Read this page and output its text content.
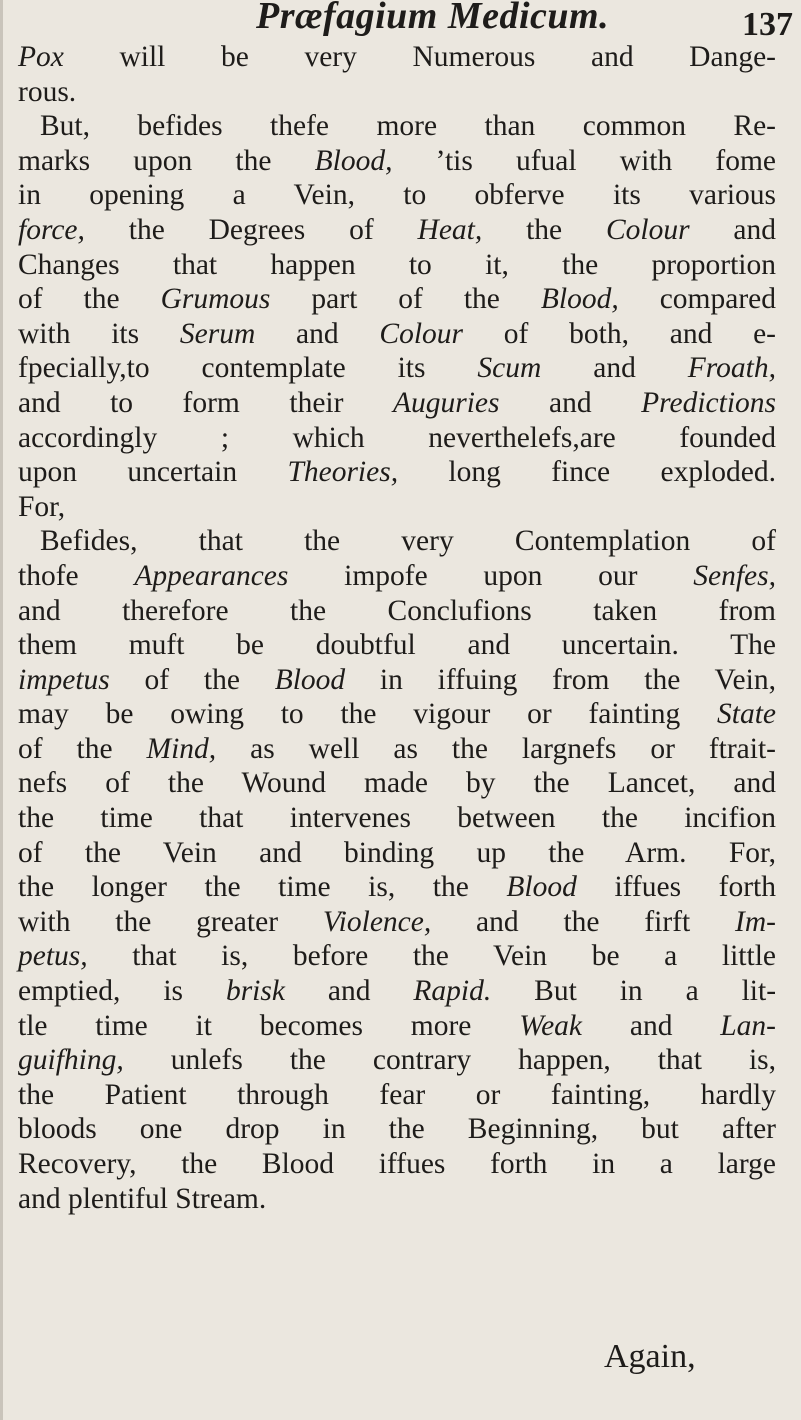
Præfagium Medicum.	137
Pox will be very Numerous and Dange-
rous.
But, befides thefe more than common Re-
marks upon the Blood, ’tis ufual with fome
in opening a Vein, to obferve its various
force, the Degrees of Heat, the Colour and
Changes that happen to it, the proportion
of the Grumous part of the Blood, compared
with its Serum and Colour of both, and e-
fpecially,to contemplate its Scum and Froath,
and to form their Auguries and Predictions
accordingly ; which neverthelefs,are founded
upon uncertain Theories, long fince exploded.
For,
Befides, that the very Contemplation of
thofe Appearances impofe upon our Senfes,
and therefore the Conclufions taken from
them muft be doubtful and uncertain. The
impetus of the Blood in iffuing from the Vein,
may be owing to the vigour or fainting State
of the Mind, as well as the largnefs or ftrait-
nefs of the Wound made by the Lancet, and
the time that intervenes between the incifion
of the Vein and binding up the Arm. For,
the longer the time is, the Blood iffues forth
with the greater Violence, and the firft Im-
petus, that is, before the Vein be a little
emptied, is brisk and Rapid. But in a lit-
tle time it becomes more Weak and Lan-
guifhing, unlefs the contrary happen, that is,
the Patient through fear or fainting, hardly
bloods one drop in the Beginning, but after
Recovery, the Blood iffues forth in a large
and plentiful Stream.
Again,
